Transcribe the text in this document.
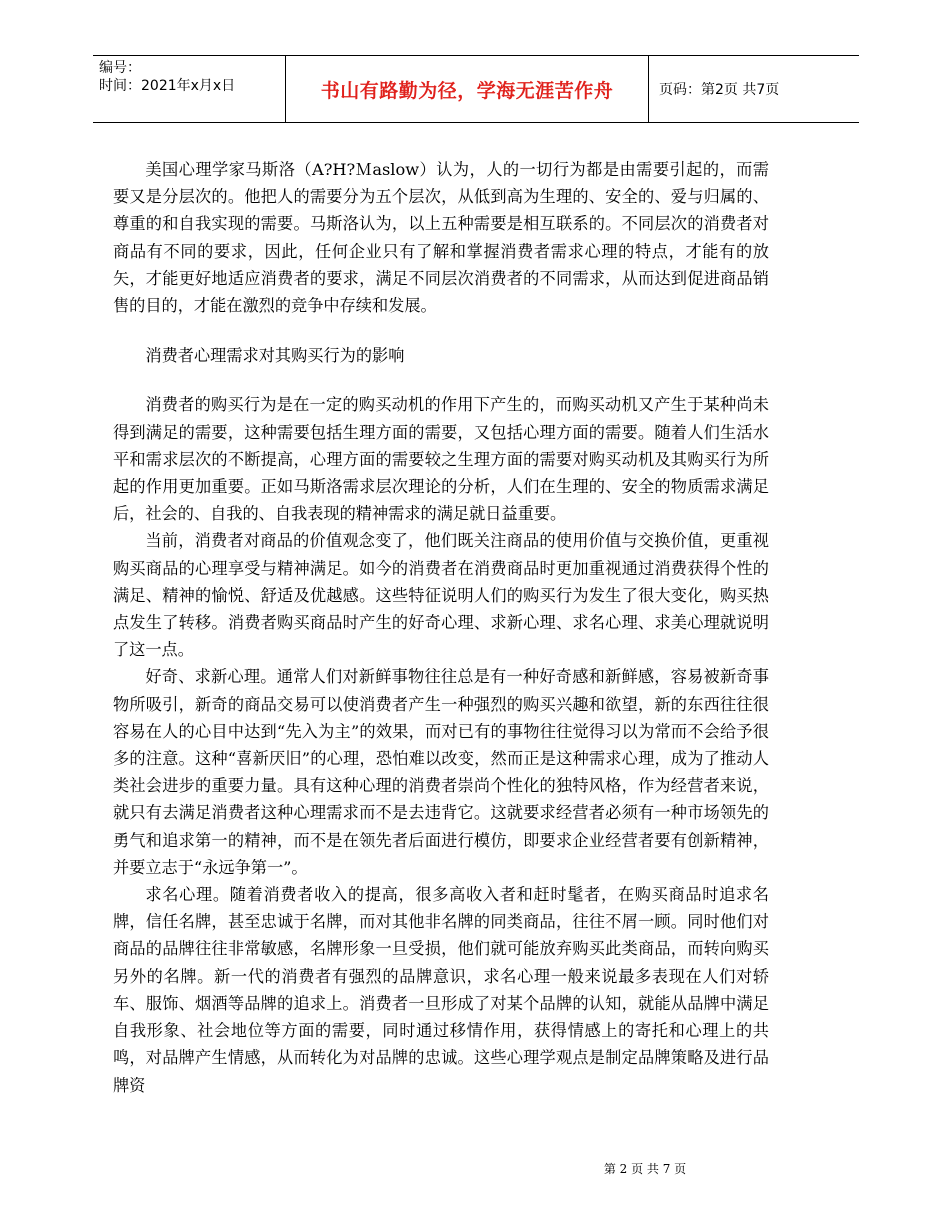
编号：
时间：2021年x月x日	书山有路勤为径，学海无涯苦作舟	页码：第2页 共7页

美国心理学家马斯洛（A?H?Ｍaslow）认为，人的一切行为都是由需要引起的，而需要又是分层次的。他把人的需要分为五个层次，从低到高为生理的、安全的、爱与归属的、尊重的和自我实现的需要。马斯洛认为，以上五种需要是相互联系的。不同层次的消费者对商品有不同的要求，因此，任何企业只有了解和掌握消费者需求心理的特点，才能有的放矢，才能更好地适应消费者的要求，满足不同层次消费者的不同需求，从而达到促进商品销售的目的，才能在激烈的竞争中存续和发展。

消费者心理需求对其购买行为的影响

消费者的购买行为是在一定的购买动机的作用下产生的，而购买动机又产生于某种尚未得到满足的需要，这种需要包括生理方面的需要，又包括心理方面的需要。随着人们生活水平和需求层次的不断提高，心理方面的需要较之生理方面的需要对购买动机及其购买行为所起的作用更加重要。正如马斯洛需求层次理论的分析，人们在生理的、安全的物质需求满足后，社会的、自我的、自我表现的精神需求的满足就日益重要。

当前，消费者对商品的价值观念变了，他们既关注商品的使用价值与交换价值，更重视购买商品的心理享受与精神满足。如今的消费者在消费商品时更加重视通过消费获得个性的满足、精神的愉悦、舒适及优越感。这些特征说明人们的购买行为发生了很大变化，购买热点发生了转移。消费者购买商品时产生的好奇心理、求新心理、求名心理、求美心理就说明了这一点。

好奇、求新心理。通常人们对新鲜事物往往总是有一种好奇感和新鲜感，容易被新奇事物所吸引，新奇的商品交易可以使消费者产生一种强烈的购买兴趣和欲望，新的东西往往很容易在人的心目中达到“先入为主”的效果，而对已有的事物往往觉得习以为常而不会给予很多的注意。这种“喜新厌旧”的心理，恐怕难以改变，然而正是这种需求心理，成为了推动人类社会进步的重要力量。具有这种心理的消费者崇尚个性化的独特风格，作为经营者来说，就只有去满足消费者这种心理需求而不是去违背它。这就要求经营者必须有一种市场领先的勇气和追求第一的精神，而不是在领先者后面进行模仿，即要求企业经营者要有创新精神，并要立志于“永远争第一”。

求名心理。随着消费者收入的提高，很多高收入者和赶时髦者，在购买商品时追求名牌，信任名牌，甚至忠诚于名牌，而对其他非名牌的同类商品，往往不屑一顾。同时他们对商品的品牌往往非常敏感，名牌形象一旦受损，他们就可能放弃购买此类商品，而转向购买另外的名牌。新一代的消费者有强烈的品牌意识，求名心理一般来说最多表现在人们对轿车、服饰、烟酒等品牌的追求上。消费者一旦形成了对某个品牌的认知，就能从品牌中满足自我形象、社会地位等方面的需要，同时通过移情作用，获得情感上的寄托和心理上的共鸣，对品牌产生情感，从而转化为对品牌的忠诚。这些心理学观点是制定品牌策略及进行品牌资

第 2 页 共 7 页
